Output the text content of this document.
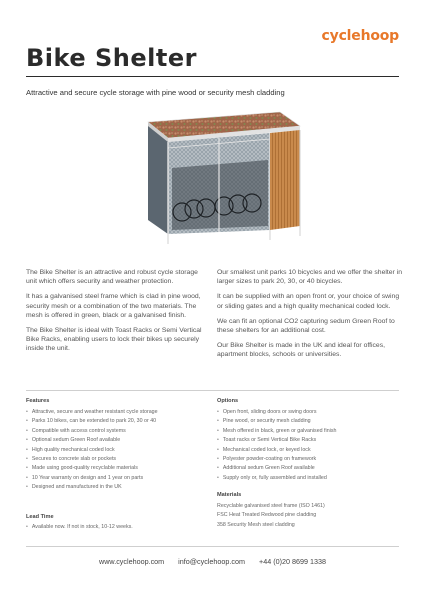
cyclehoop
Bike Shelter
Attractive and secure cycle storage with pine wood or security mesh cladding

The Bike Shelter is an attractive and robust cycle storage unit which offers security and weather protection.

It has a galvanised steel frame which is clad in pine wood, security mesh or a combination of the two materials. The mesh is offered in green, black or a galvanised finish.

The Bike Shelter is ideal with Toast Racks or Semi Vertical Bike Racks, enabling users to lock their bikes up securely inside the unit.

Our smallest unit parks 10 bicycles and we offer the shelter in larger sizes to park 20, 30, or 40 bicycles.

It can be supplied with an open front or, your choice of swing or sliding gates and a high quality mechanical coded lock.

We can fit an optional CO2 capturing sedum Green Roof to these shelters for an additional cost.

Our Bike Shelter is made in the UK and ideal for offices, apartment blocks, schools or universities.

Features
• Attractive, secure and weather resistant cycle storage
• Parks 10 bikes, can be extended to park 20, 30 or 40
• Compatible with access control systems
• Optional sedum Green Roof available
• High quality mechanical coded lock
• Secures to concrete slab or pockets
• Made using good-quality recyclable materials
• 10 Year warranty on design and 1 year on parts
• Designed and manufactured in the UK
Options
• Open front, sliding doors or swing doors
• Pine wood, or security mesh cladding
• Mesh offered in black, green or galvanised finish
• Toast racks or Semi Vertical Bike Racks
• Mechanical coded lock, or keyed lock
• Polyester powder-coating on framework
• Additional sedum Green Roof available
• Supply only or, fully assembled and installed
Lead Time
• Available now. If not in stock, 10-12 weeks.
Materials
Recyclable galvanised steel frame (ISO 1461)
FSC Heat Treated Redwood pine cladding
358 Security Mesh steel cladding
www.cyclehoop.com info@cyclehoop.com +44 (0)20 8699 1338
